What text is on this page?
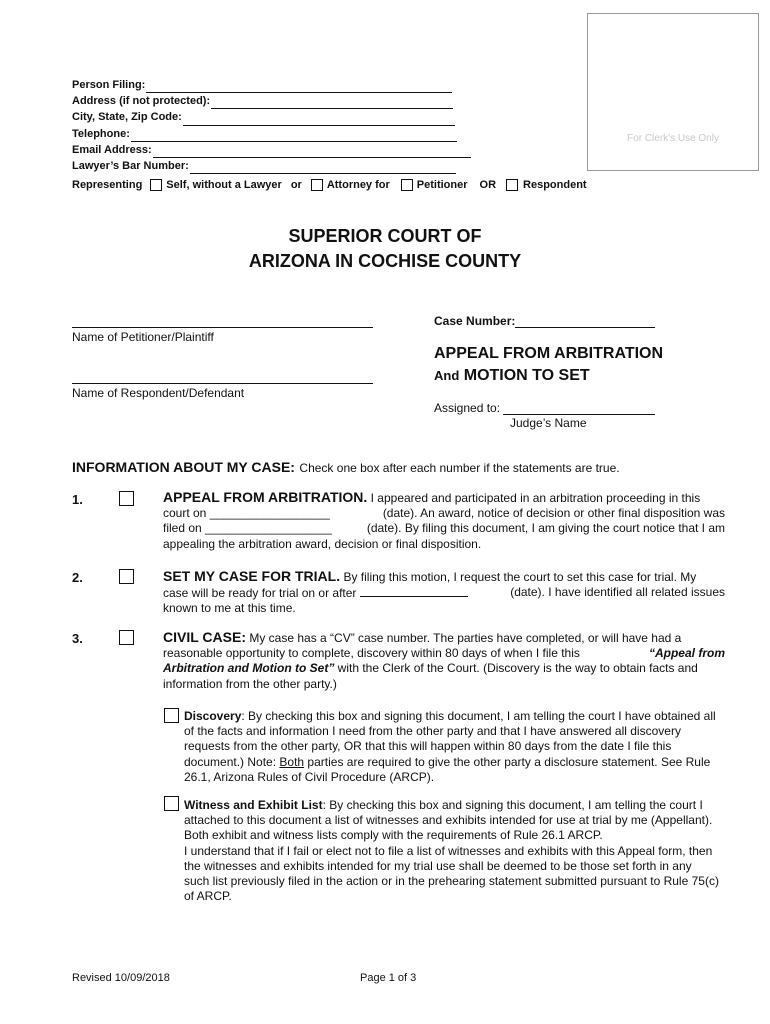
For Clerk's Use Only
Person Filing:
Address (if not protected):
City, State, Zip Code:
Telephone:
Email Address:
Lawyer’s Bar Number:
Representing Self, without a Lawyer or Attorney for Petitioner OR Respondent
SUPERIOR COURT OF
ARIZONA IN COCHISE COUNTY
Name of Petitioner/Plaintiff
Name of Respondent/Defendant
Case Number:
APPEAL FROM ARBITRATION
And MOTION TO SET
Assigned to:
Judge’s Name
INFORMATION ABOUT MY CASE: Check one box after each number if the statements are true.
1.	APPEAL FROM ARBITRATION. I appeared and participated in an arbitration proceeding in this
court on __________________	(date). An award, notice of decision or other final disposition was
filed on ___________________	(date). By filing this document, I am giving the court notice that I am
appealing the arbitration award, decision or final disposition.
2.	SET MY CASE FOR TRIAL. By filing this motion, I request the court to set this case for trial. My
case will be ready for trial on or after	(date). I have identified all related issues
known to me at this time.
3.	CIVIL CASE: My case has a “CV” case number. The parties have completed, or will have had a
reasonable opportunity to complete, discovery within 80 days of when I file this	“Appeal from
Arbitration and Motion to Set” with the Clerk of the Court. (Discovery is the way to obtain facts and
information from the other party.)
Discovery: By checking this box and signing this document, I am telling the court I have obtained all
of the facts and information I need from the other party and that I have answered all discovery
requests from the other party, OR that this will happen within 80 days from the date I file this
document.) Note: Both parties are required to give the other party a disclosure statement. See Rule
26.1, Arizona Rules of Civil Procedure (ARCP).
Witness and Exhibit List: By checking this box and signing this document, I am telling the court I
attached to this document a list of witnesses and exhibits intended for use at trial by me (Appellant).
Both exhibit and witness lists comply with the requirements of Rule 26.1 ARCP.
I understand that if I fail or elect not to file a list of witnesses and exhibits with this Appeal form, then
the witnesses and exhibits intended for my trial use shall be deemed to be those set forth in any
such list previously filed in the action or in the prehearing statement submitted pursuant to Rule 75(c)
of ARCP.
Revised 10/09/2018	Page 1 of 3
